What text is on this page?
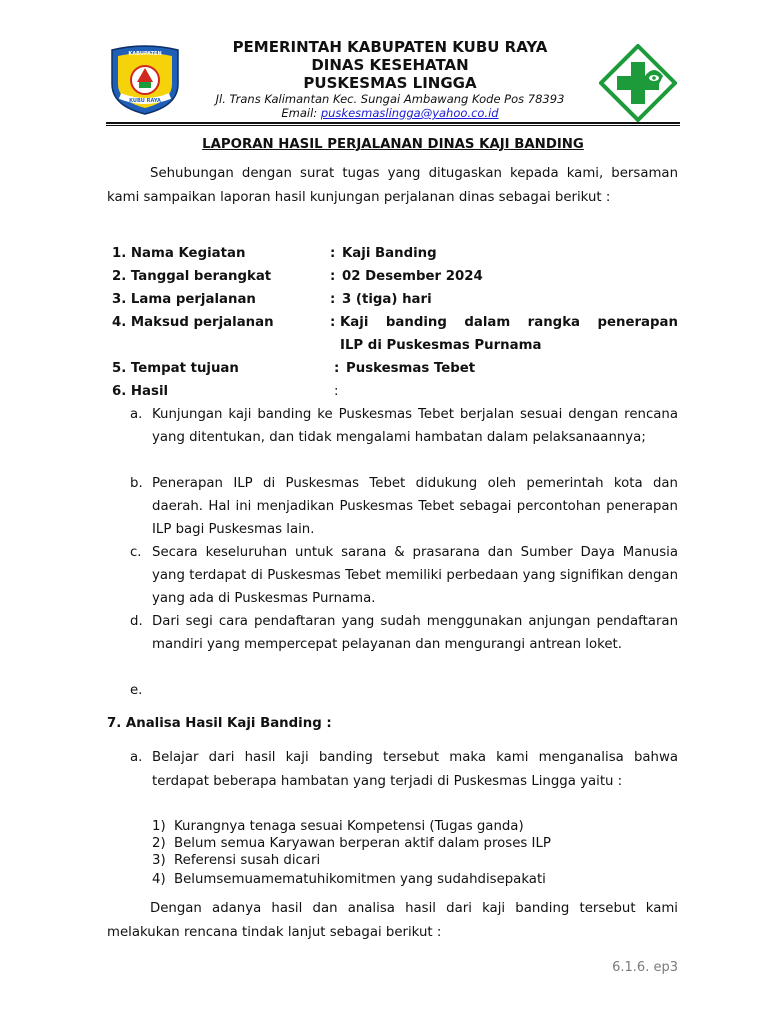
KABUPATEN
KUBU RAYA
PEMERINTAH KABUPATEN KUBU RAYA
DINAS KESEHATAN
PUSKESMAS LINGGA
Jl. Trans Kalimantan Kec. Sungai Ambawang Kode Pos 78393
Email: puskesmaslingga@yahoo.co.id
LAPORAN HASIL PERJALANAN DINAS KAJI BANDING
Sehubungan dengan surat tugas yang ditugaskan kepada kami, bersaman kami sampaikan laporan hasil kunjungan perjalanan dinas sebagai berikut :
1. Nama Kegiatan	: Kaji Banding
2. Tanggal berangkat	: 02 Desember 2024
3. Lama perjalanan	: 3 (tiga) hari
4. Maksud perjalanan	: Kaji banding dalam rangka penerapan
ILP di Puskesmas Purnama
5. Tempat tujuan	: Puskesmas Tebet
6. Hasil	:
a. Kunjungan kaji banding ke Puskesmas Tebet berjalan sesuai dengan rencana yang ditentukan, dan tidak mengalami hambatan dalam pelaksanaannya;
b. Penerapan ILP di Puskesmas Tebet didukung oleh pemerintah kota dan daerah. Hal ini menjadikan Puskesmas Tebet sebagai percontohan penerapan ILP bagi Puskesmas lain.
c. Secara keseluruhan untuk sarana & prasarana dan Sumber Daya Manusia yang terdapat di Puskesmas Tebet memiliki perbedaan yang signifikan dengan yang ada di Puskesmas Purnama.
d. Dari segi cara pendaftaran yang sudah menggunakan anjungan pendaftaran mandiri yang mempercepat pelayanan dan mengurangi antrean loket.
e.
7. Analisa Hasil Kaji Banding :
a. Belajar dari hasil kaji banding tersebut maka kami menganalisa bahwa terdapat beberapa hambatan yang terjadi di Puskesmas Lingga yaitu :
1) Kurangnya tenaga sesuai Kompetensi (Tugas ganda)
2) Belum semua Karyawan berperan aktif dalam proses ILP
3) Referensi susah dicari
4) Belumsemuamematuhikomitmen yang sudahdisepakati
Dengan adanya hasil dan analisa hasil dari kaji banding tersebut kami melakukan rencana tindak lanjut sebagai berikut :
6.1.6. ep3
